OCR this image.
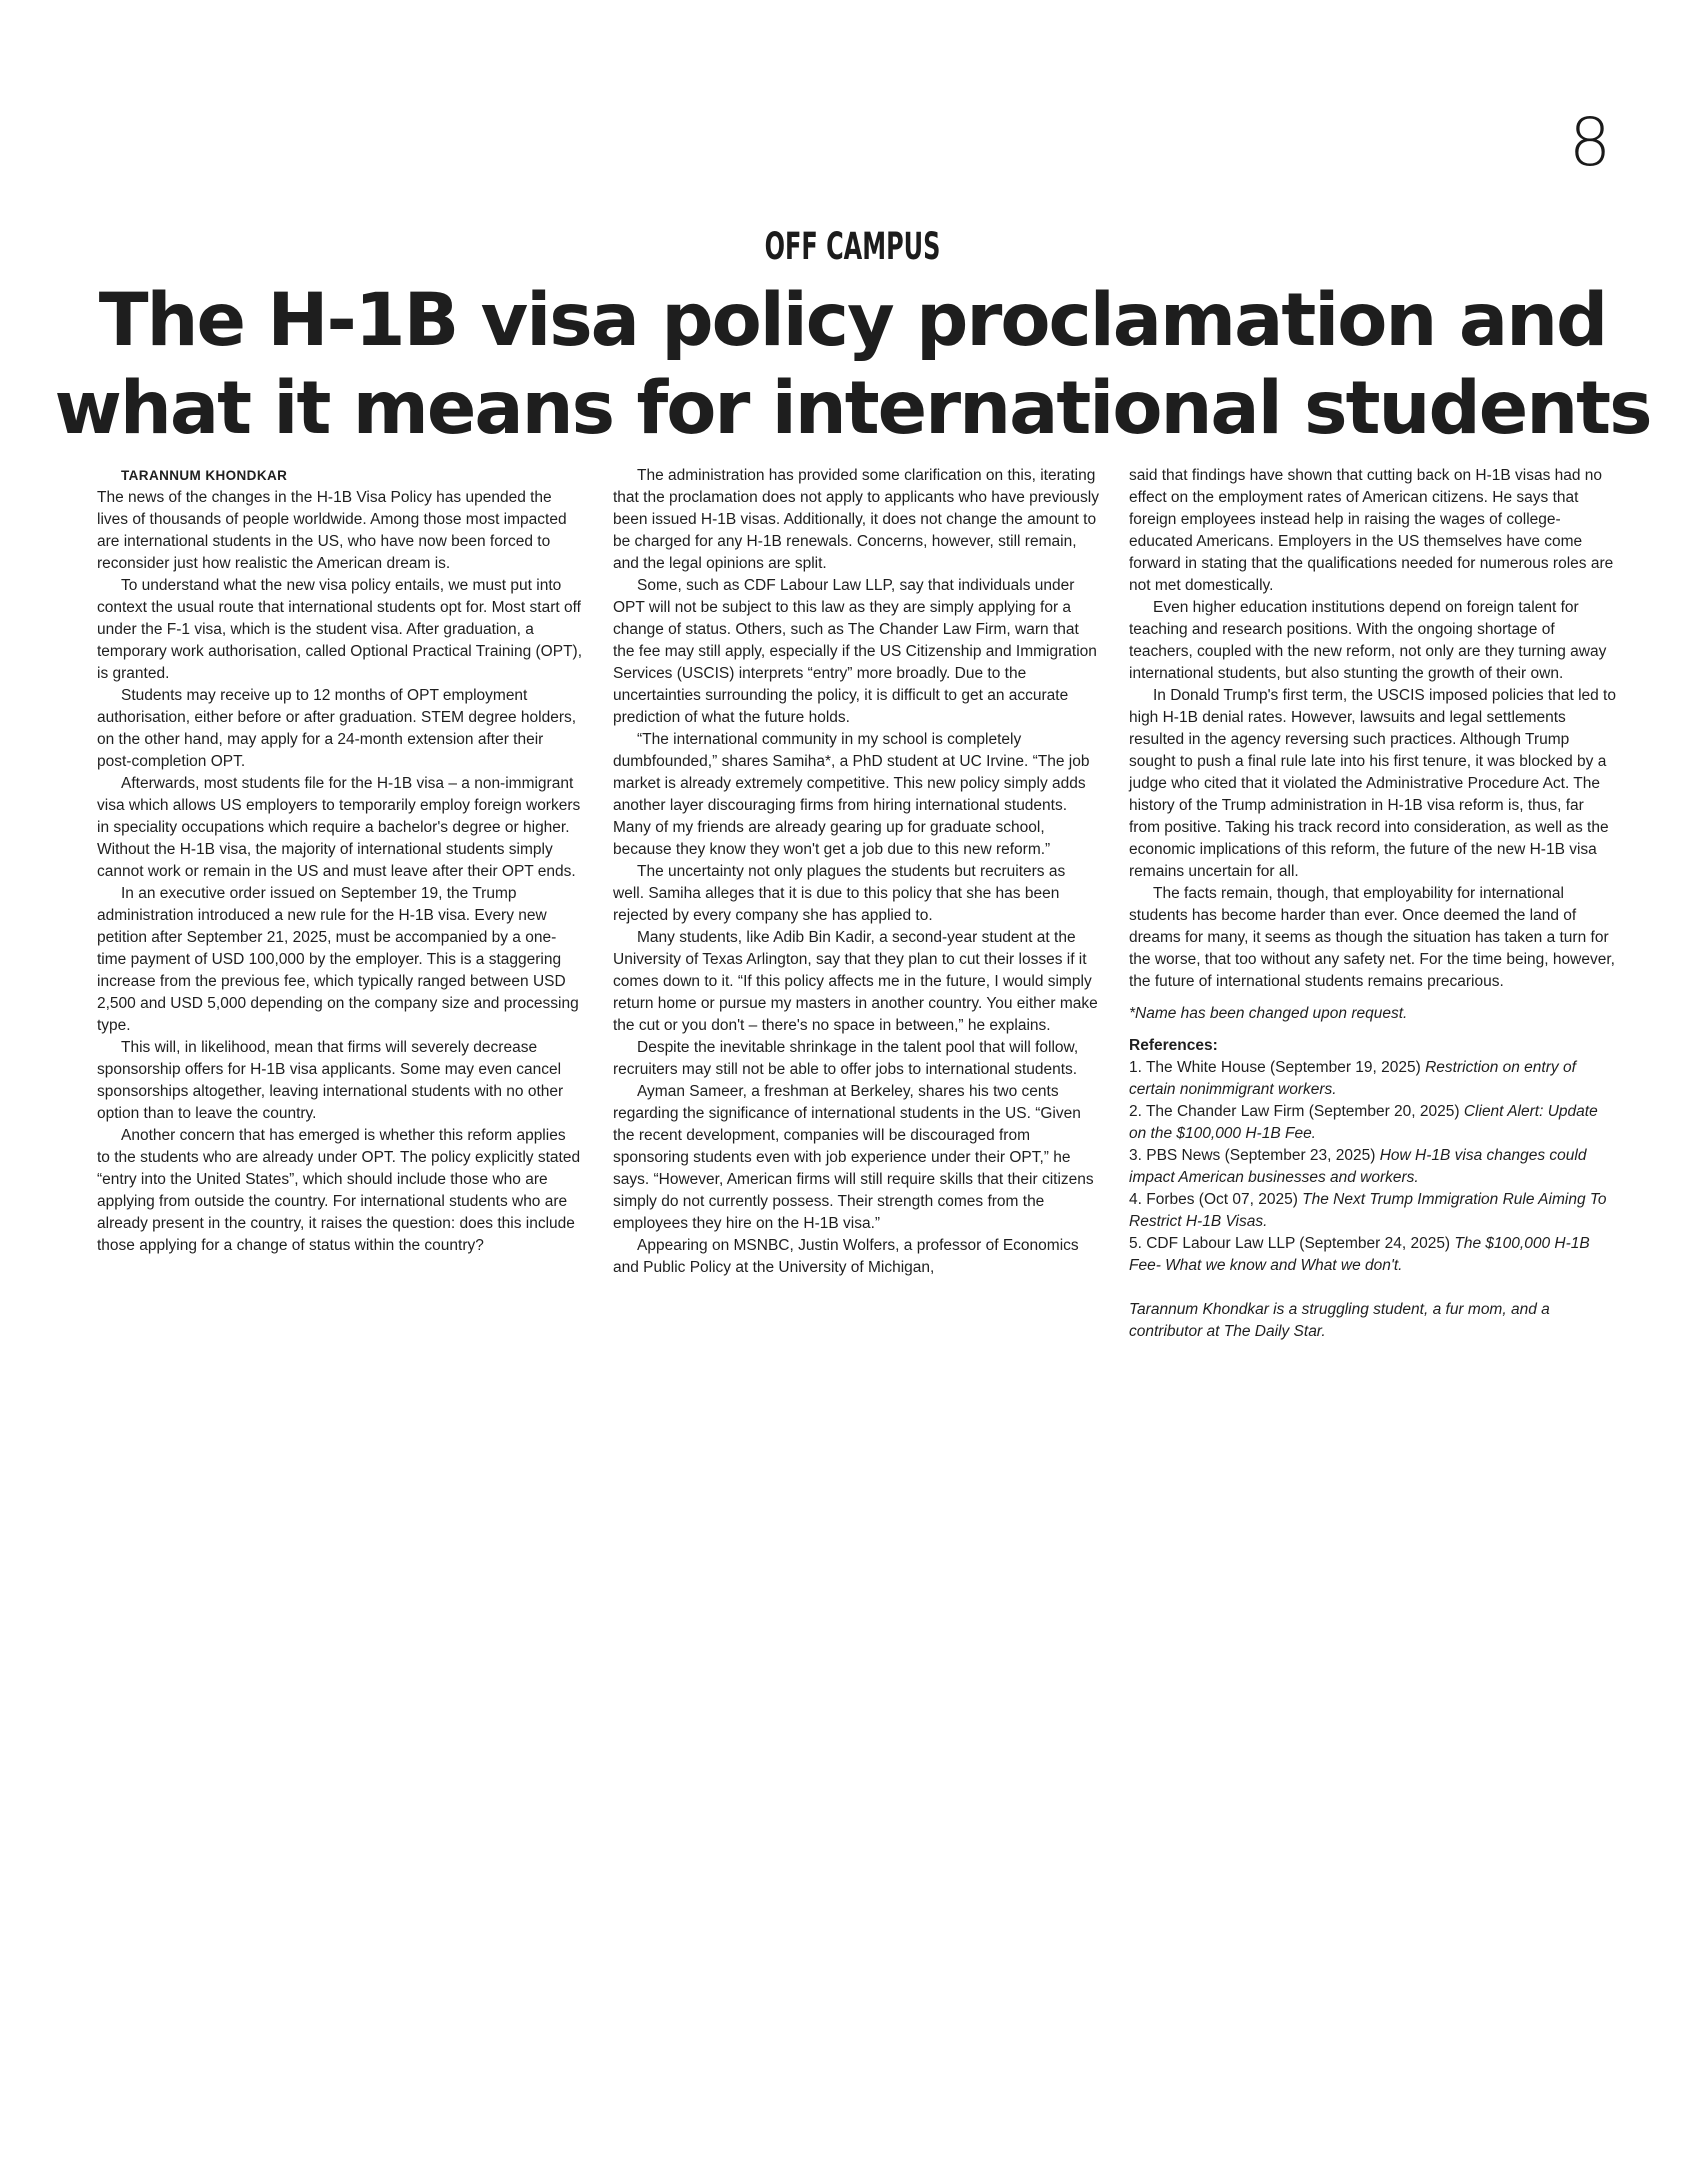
8
OFF CAMPUS
The H-1B visa policy proclamation and
what it means for international students

TARANNUM KHONDKAR

The news of the changes in the H-1B Visa Policy has upended the lives of thousands of people worldwide. Among those most impacted are international students in the US, who have now been forced to reconsider just how realistic the American dream is.

To understand what the new visa policy entails, we must put into context the usual route that international students opt for. Most start off under the F-1 visa, which is the student visa. After graduation, a temporary work authorisation, called Optional Practical Training (OPT), is granted.

Students may receive up to 12 months of OPT employment authorisation, either before or after graduation. STEM degree holders, on the other hand, may apply for a 24-month extension after their post-completion OPT.

Afterwards, most students file for the H-1B visa – a non-immigrant visa which allows US employers to temporarily employ foreign workers in speciality occupations which require a bachelor's degree or higher. Without the H-1B visa, the majority of international students simply cannot work or remain in the US and must leave after their OPT ends.

In an executive order issued on September 19, the Trump administration introduced a new rule for the H-1B visa. Every new petition after September 21, 2025, must be accompanied by a one-time payment of USD 100,000 by the employer. This is a staggering increase from the previous fee, which typically ranged between USD 2,500 and USD 5,000 depending on the company size and processing type.

This will, in likelihood, mean that firms will severely decrease sponsorship offers for H-1B visa applicants. Some may even cancel sponsorships altogether, leaving international students with no other option than to leave the country.

Another concern that has emerged is whether this reform applies to the students who are already under OPT. The policy explicitly stated “entry into the United States”, which should include those who are applying from outside the country. For international students who are already present in the country, it raises the question: does this include those applying for a change of status within the country?

The administration has provided some clarification on this, iterating that the proclamation does not apply to applicants who have previously been issued H-1B visas. Additionally, it does not change the amount to be charged for any H-1B renewals. Concerns, however, still remain, and the legal opinions are split.

Some, such as CDF Labour Law LLP, say that individuals under OPT will not be subject to this law as they are simply applying for a change of status. Others, such as The Chander Law Firm, warn that the fee may still apply, especially if the US Citizenship and Immigration Services (USCIS) interprets “entry” more broadly. Due to the uncertainties surrounding the policy, it is difficult to get an accurate prediction of what the future holds.

“The international community in my school is completely dumbfounded,” shares Samiha*, a PhD student at UC Irvine. “The job market is already extremely competitive. This new policy simply adds another layer discouraging firms from hiring international students. Many of my friends are already gearing up for graduate school, because they know they won't get a job due to this new reform.”

The uncertainty not only plagues the students but recruiters as well. Samiha alleges that it is due to this policy that she has been rejected by every company she has applied to.

Many students, like Adib Bin Kadir, a second-year student at the University of Texas Arlington, say that they plan to cut their losses if it comes down to it. “If this policy affects me in the future, I would simply return home or pursue my masters in another country. You either make the cut or you don't – there's no space in between,” he explains.

Despite the inevitable shrinkage in the talent pool that will follow, recruiters may still not be able to offer jobs to international students.

Ayman Sameer, a freshman at Berkeley, shares his two cents regarding the significance of international students in the US. “Given the recent development, companies will be discouraged from sponsoring students even with job experience under their OPT,” he says. “However, American firms will still require skills that their citizens simply do not currently possess. Their strength comes from the employees they hire on the H-1B visa.”

Appearing on MSNBC, Justin Wolfers, a professor of Economics and Public Policy at the University of Michigan,

said that findings have shown that cutting back on H-1B visas had no effect on the employment rates of American citizens. He says that foreign employees instead help in raising the wages of college-educated Americans. Employers in the US themselves have come forward in stating that the qualifications needed for numerous roles are not met domestically.

Even higher education institutions depend on foreign talent for teaching and research positions. With the ongoing shortage of teachers, coupled with the new reform, not only are they turning away international students, but also stunting the growth of their own.

In Donald Trump's first term, the USCIS imposed policies that led to high H-1B denial rates. However, lawsuits and legal settlements resulted in the agency reversing such practices. Although Trump sought to push a final rule late into his first tenure, it was blocked by a judge who cited that it violated the Administrative Procedure Act. The history of the Trump administration in H-1B visa reform is, thus, far from positive. Taking his track record into consideration, as well as the economic implications of this reform, the future of the new H-1B visa remains uncertain for all.

The facts remain, though, that employability for international students has become harder than ever. Once deemed the land of dreams for many, it seems as though the situation has taken a turn for the worse, that too without any safety net. For the time being, however, the future of international students remains precarious.

*Name has been changed upon request.

References:

1. The White House (September 19, 2025) Restriction on entry of certain nonimmigrant workers.

2. The Chander Law Firm (September 20, 2025) Client Alert: Update on the $100,000 H-1B Fee.

3. PBS News (September 23, 2025) How H-1B visa changes could impact American businesses and workers.

4. Forbes (Oct 07, 2025) The Next Trump Immigration Rule Aiming To Restrict H-1B Visas.

5. CDF Labour Law LLP (September 24, 2025) The $100,000 H-1B Fee- What we know and What we don't.

Tarannum Khondkar is a struggling student, a fur mom, and a contributor at The Daily Star.
